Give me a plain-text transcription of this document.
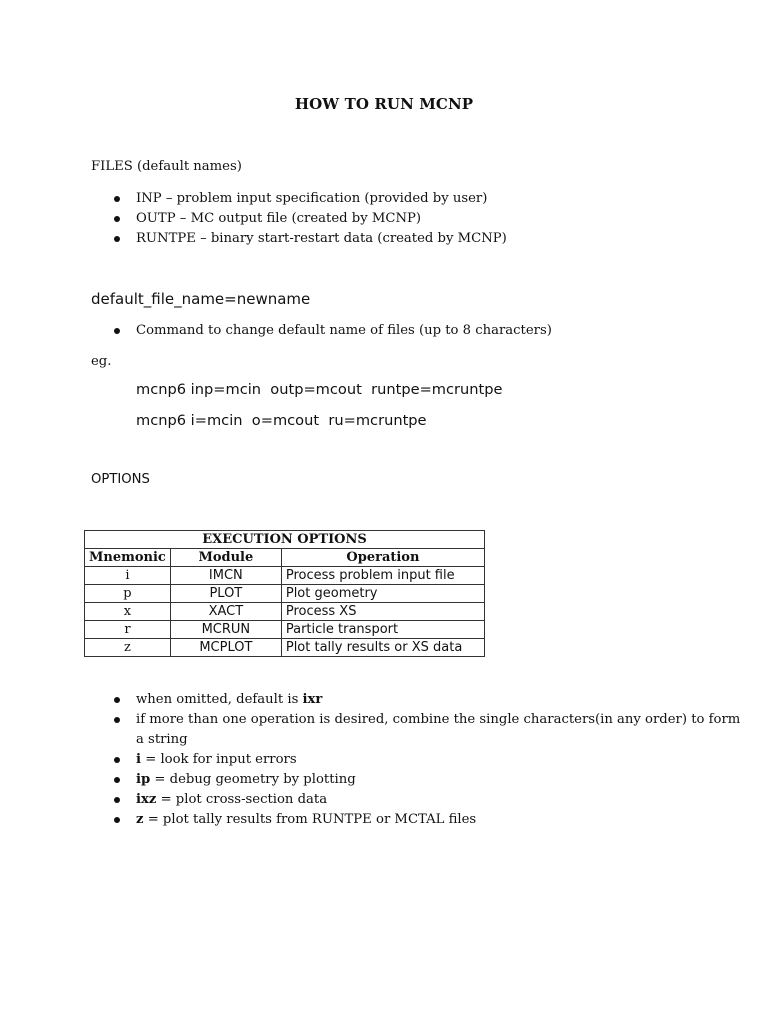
HOW TO RUN MCNP
FILES (default names)
INP – problem input specification (provided by user)
OUTP – MC output file (created by MCNP)
RUNTPE – binary start-restart data (created by MCNP)
default_file_name=newname
Command to change default name of files (up to 8 characters)
eg.
mcnp6 inp=mcin  outp=mcout  runtpe=mcruntpe
mcnp6 i=mcin  o=mcout  ru=mcruntpe
OPTIONS
EXECUTION OPTIONS		
Mnemonic	Module	Operation
i	IMCN	Process problem input file
p	PLOT	Plot geometry
x	XACT	Process XS
r	MCRUN	Particle transport
z	MCPLOT	Plot tally results or XS data
when omitted, default is ixr
if more than one operation is desired, combine the single characters(in any order) to form
a string
i = look for input errors
ip = debug geometry by plotting
ixz = plot cross-section data
z = plot tally results from RUNTPE or MCTAL files
